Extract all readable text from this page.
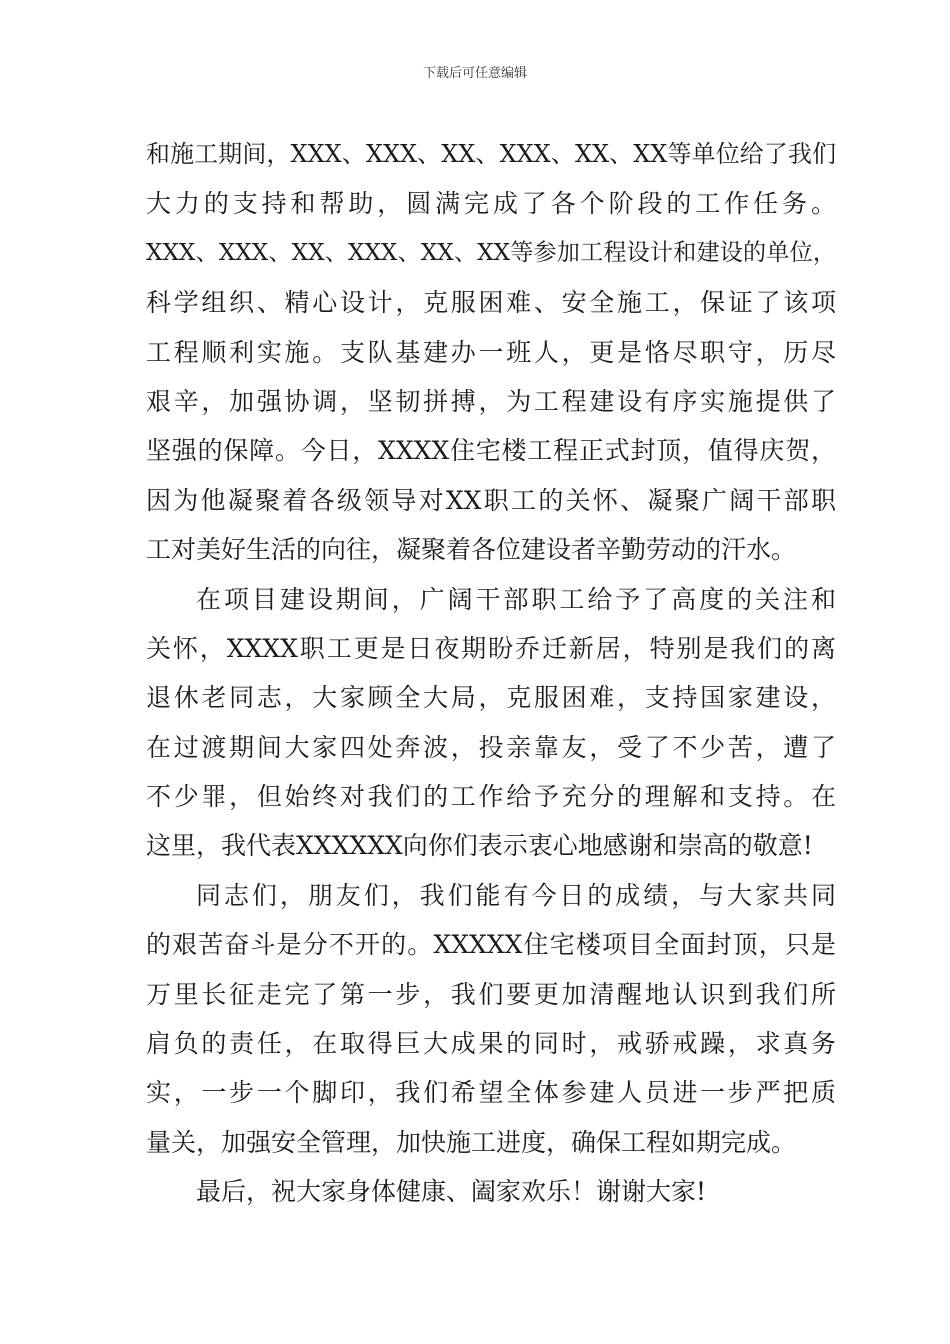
下载后可任意编辑
和施工期间，XXX、XXX、XX、XXX、XX、XX等单位给了我们
大力的支持和帮助，圆满完成了各个阶段的工作任务。
XXX、XXX、XX、XXX、XX、XX等参加工程设计和建设的单位，
科学组织、精心设计，克服困难、安全施工，保证了该项
工程顺利实施。支队基建办一班人，更是恪尽职守，历尽
艰辛，加强协调，坚韧拼搏，为工程建设有序实施提供了
坚强的保障。今日，XXXX住宅楼工程正式封顶，值得庆贺，
因为他凝聚着各级领导对XX职工的关怀、凝聚广阔干部职
工对美好生活的向往，凝聚着各位建设者辛勤劳动的汗水。
在项目建设期间，广阔干部职工给予了高度的关注和
关怀，XXXX职工更是日夜期盼乔迁新居，特别是我们的离
退休老同志，大家顾全大局，克服困难，支持国家建设，
在过渡期间大家四处奔波，投亲靠友，受了不少苦，遭了
不少罪，但始终对我们的工作给予充分的理解和支持。在
这里，我代表XXXXXX向你们表示衷心地感谢和崇高的敬意!
同志们，朋友们，我们能有今日的成绩，与大家共同
的艰苦奋斗是分不开的。XXXXX住宅楼项目全面封顶，只是
万里长征走完了第一步，我们要更加清醒地认识到我们所
肩负的责任，在取得巨大成果的同时，戒骄戒躁，求真务
实，一步一个脚印，我们希望全体参建人员进一步严把质
量关，加强安全管理，加快施工进度，确保工程如期完成。
最后，祝大家身体健康、阖家欢乐！谢谢大家!
